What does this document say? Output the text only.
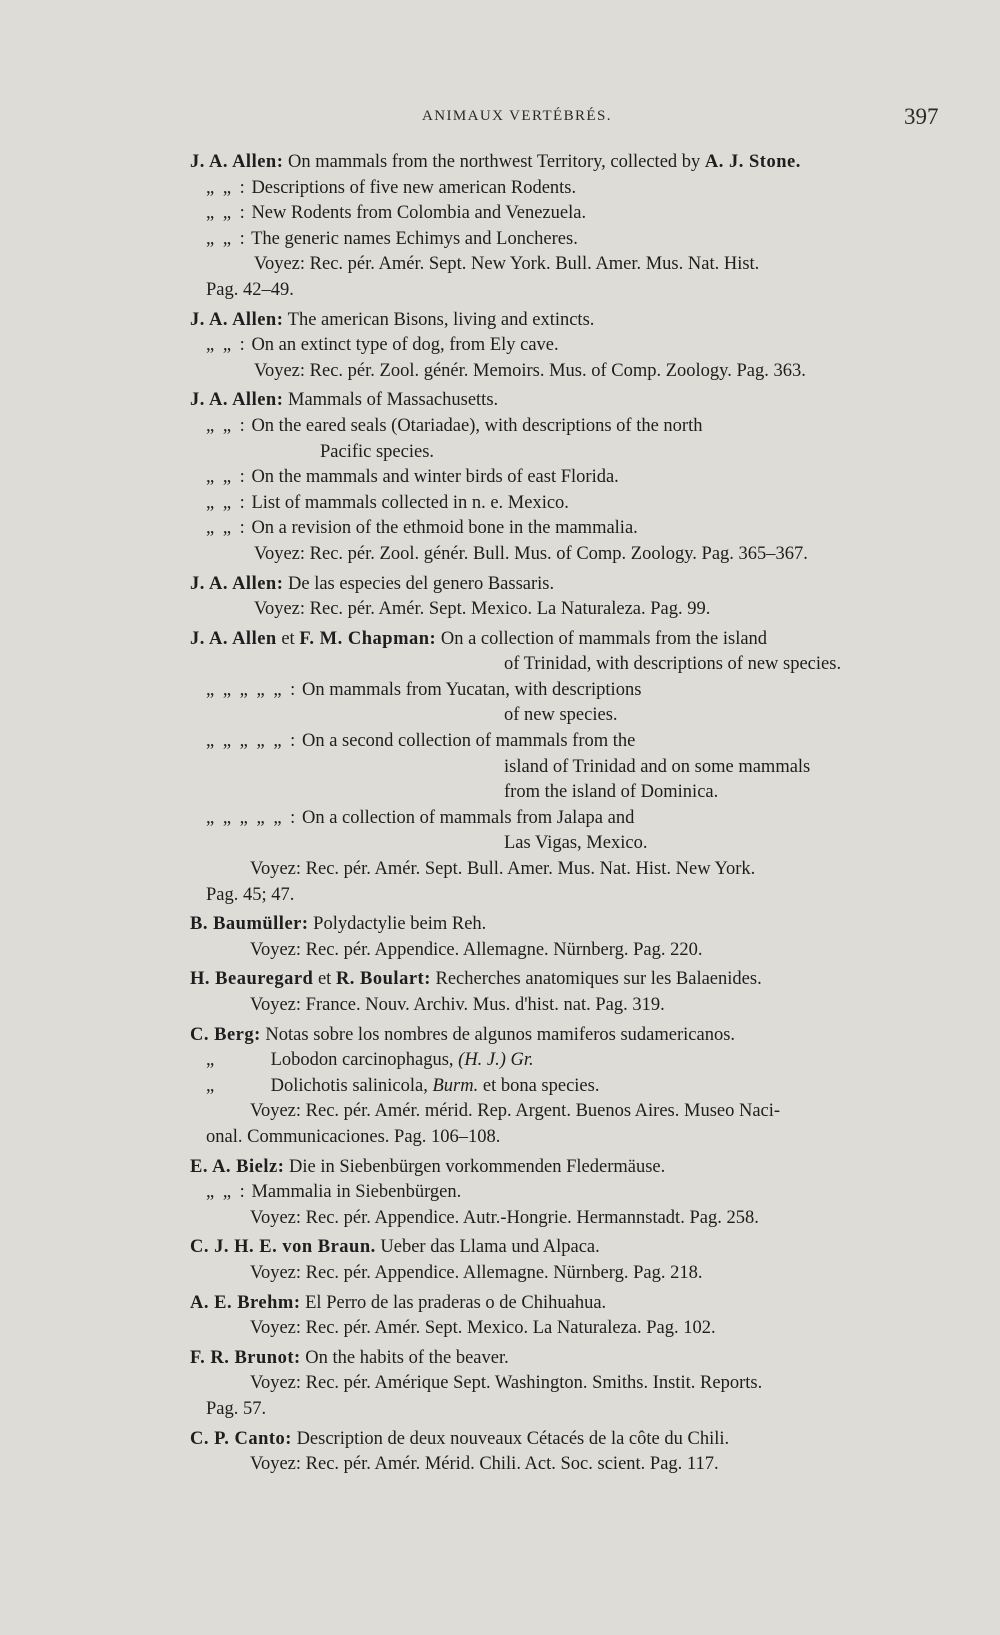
ANIMAUX VERTÉBRÉS.	397
J. A. Allen: On mammals from the northwest Territory, collected by A. J. Stone.
„ „ : Descriptions of five new american Rodents.
„ „ : New Rodents from Colombia and Venezuela.
„ „ : The generic names Echimys and Loncheres.
Voyez: Rec. pér. Amér. Sept. New York. Bull. Amer. Mus. Nat. Hist.
Pag. 42–49.
J. A. Allen: The american Bisons, living and extincts.
„ „ : On an extinct type of dog, from Ely cave.
Voyez: Rec. pér. Zool. génér. Memoirs. Mus. of Comp. Zoology. Pag. 363.
J. A. Allen: Mammals of Massachusetts.
„ „ : On the eared seals (Otariadae), with descriptions of the north
Pacific species.
„ „ : On the mammals and winter birds of east Florida.
„ „ : List of mammals collected in n. e. Mexico.
„ „ : On a revision of the ethmoid bone in the mammalia.
Voyez: Rec. pér. Zool. génér. Bull. Mus. of Comp. Zoology. Pag. 365–367.
J. A. Allen: De las especies del genero Bassaris.
Voyez: Rec. pér. Amér. Sept. Mexico. La Naturaleza. Pag. 99.
J. A. Allen et F. M. Chapman: On a collection of mammals from the island
of Trinidad, with descriptions of new species.
„ „ „ „ „ : On mammals from Yucatan, with descriptions
of new species.
„ „ „ „ „ : On a second collection of mammals from the
island of Trinidad and on some mammals
from the island of Dominica.
„ „ „ „ „ : On a collection of mammals from Jalapa and
Las Vigas, Mexico.
Voyez: Rec. pér. Amér. Sept. Bull. Amer. Mus. Nat. Hist. New York.
Pag. 45; 47.
B. Baumüller: Polydactylie beim Reh.
Voyez: Rec. pér. Appendice. Allemagne. Nürnberg. Pag. 220.
H. Beauregard et R. Boulart: Recherches anatomiques sur les Balaenides.
Voyez: France. Nouv. Archiv. Mus. d'hist. nat. Pag. 319.
C. Berg: Notas sobre los nombres de algunos mamiferos sudamericanos.
„	Lobodon carcinophagus, (H. J.) Gr.
„	Dolichotis salinicola, Burm. et bona species.
Voyez: Rec. pér. Amér. mérid. Rep. Argent. Buenos Aires. Museo Naci-
onal. Communicaciones. Pag. 106–108.
E. A. Bielz: Die in Siebenbürgen vorkommenden Fledermäuse.
„ „ : Mammalia in Siebenbürgen.
Voyez: Rec. pér. Appendice. Autr.-Hongrie. Hermannstadt. Pag. 258.
C. J. H. E. von Braun. Ueber das Llama und Alpaca.
Voyez: Rec. pér. Appendice. Allemagne. Nürnberg. Pag. 218.
A. E. Brehm: El Perro de las praderas o de Chihuahua.
Voyez: Rec. pér. Amér. Sept. Mexico. La Naturaleza. Pag. 102.
F. R. Brunot: On the habits of the beaver.
Voyez: Rec. pér. Amérique Sept. Washington. Smiths. Instit. Reports.
Pag. 57.
C. P. Canto: Description de deux nouveaux Cétacés de la côte du Chili.
Voyez: Rec. pér. Amér. Mérid. Chili. Act. Soc. scient. Pag. 117.
